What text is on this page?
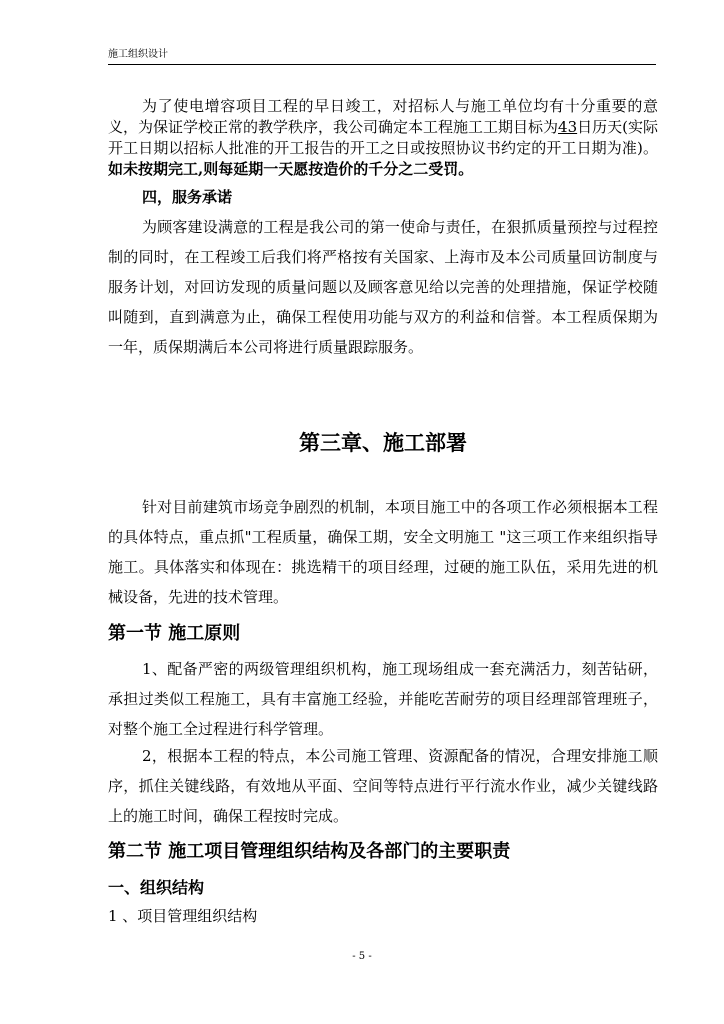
施工组织设计
为了使电增容项目工程的早日竣工，对招标人与施工单位均有十分重要的意义，为保证学校正常的教学秩序，我公司确定本工程施工工期目标为43日历天(实际开工日期以招标人批准的开工报告的开工之日或按照协议书约定的开工日期为准)。如未按期完工,则每延期一天愿按造价的千分之二受罚。
四，服务承诺
为顾客建设满意的工程是我公司的第一使命与责任，在狠抓质量预控与过程控制的同时，在工程竣工后我们将严格按有关国家、上海市及本公司质量回访制度与服务计划，对回访发现的质量问题以及顾客意见给以完善的处理措施，保证学校随叫随到，直到满意为止，确保工程使用功能与双方的利益和信誉。本工程质保期为一年，质保期满后本公司将进行质量跟踪服务。
第三章、施工部署
针对目前建筑市场竞争剧烈的机制，本项目施工中的各项工作必须根据本工程的具体特点，重点抓"工程质量，确保工期，安全文明施工 "这三项工作来组织指导施工。具体落实和体现在：挑选精干的项目经理，过硬的施工队伍，采用先进的机械设备，先进的技术管理。
第一节 施工原则
1、配备严密的两级管理组织机构，施工现场组成一套充满活力，刻苦钻研，承担过类似工程施工，具有丰富施工经验，并能吃苦耐劳的项目经理部管理班子，对整个施工全过程进行科学管理。
2，根据本工程的特点，本公司施工管理、资源配备的情况，合理安排施工顺序，抓住关键线路，有效地从平面、空间等特点进行平行流水作业，减少关键线路上的施工时间，确保工程按时完成。
第二节 施工项目管理组织结构及各部门的主要职责
一、组织结构
1 、项目管理组织结构
- 5 -
